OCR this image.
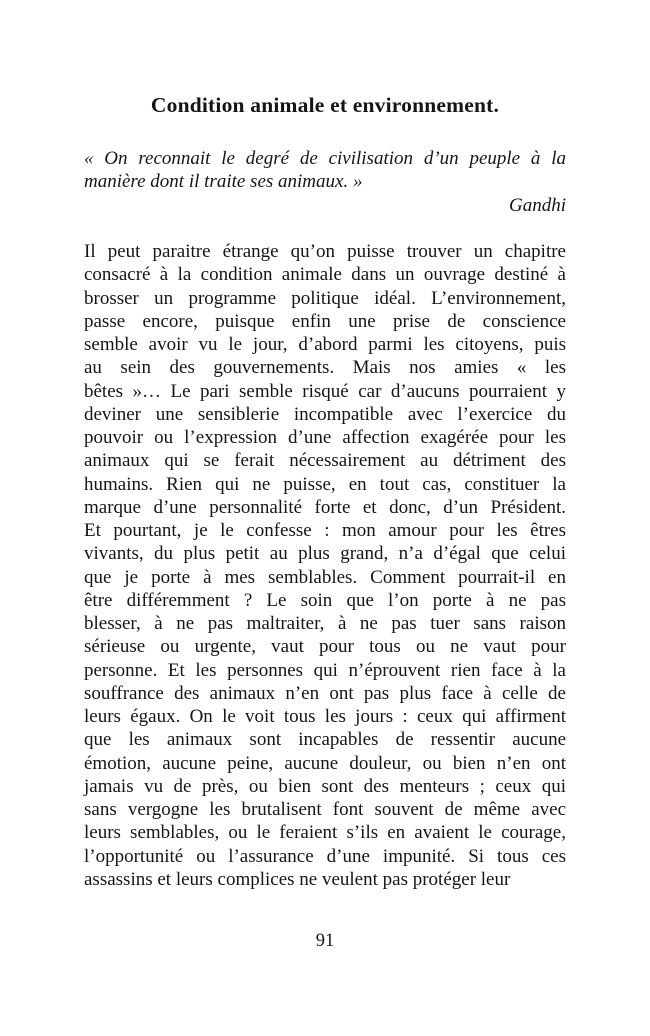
Condition animale et environnement.
« On reconnait le degré de civilisation d’un peuple à la
manière dont il traite ses animaux. »
Gandhi
Il peut paraitre étrange qu’on puisse trouver un chapitre
consacré à la condition animale dans un ouvrage destiné à
brosser un programme politique idéal. L’environnement,
passe encore, puisque enfin une prise de conscience
semble avoir vu le jour, d’abord parmi les citoyens, puis
au sein des gouvernements. Mais nos amies « les
bêtes »… Le pari semble risqué car d’aucuns pourraient y
deviner une sensiblerie incompatible avec l’exercice du
pouvoir ou l’expression d’une affection exagérée pour les
animaux qui se ferait nécessairement au détriment des
humains. Rien qui ne puisse, en tout cas, constituer la
marque d’une personnalité forte et donc, d’un Président.
Et pourtant, je le confesse : mon amour pour les êtres
vivants, du plus petit au plus grand, n’a d’égal que celui
que je porte à mes semblables. Comment pourrait-il en
être différemment ? Le soin que l’on porte à ne pas
blesser, à ne pas maltraiter, à ne pas tuer sans raison
sérieuse ou urgente, vaut pour tous ou ne vaut pour
personne. Et les personnes qui n’éprouvent rien face à la
souffrance des animaux n’en ont pas plus face à celle de
leurs égaux. On le voit tous les jours : ceux qui affirment
que les animaux sont incapables de ressentir aucune
émotion, aucune peine, aucune douleur, ou bien n’en ont
jamais vu de près, ou bien sont des menteurs ; ceux qui
sans vergogne les brutalisent font souvent de même avec
leurs semblables, ou le feraient s’ils en avaient le courage,
l’opportunité ou l’assurance d’une impunité. Si tous ces
assassins et leurs complices ne veulent pas protéger leur
91
